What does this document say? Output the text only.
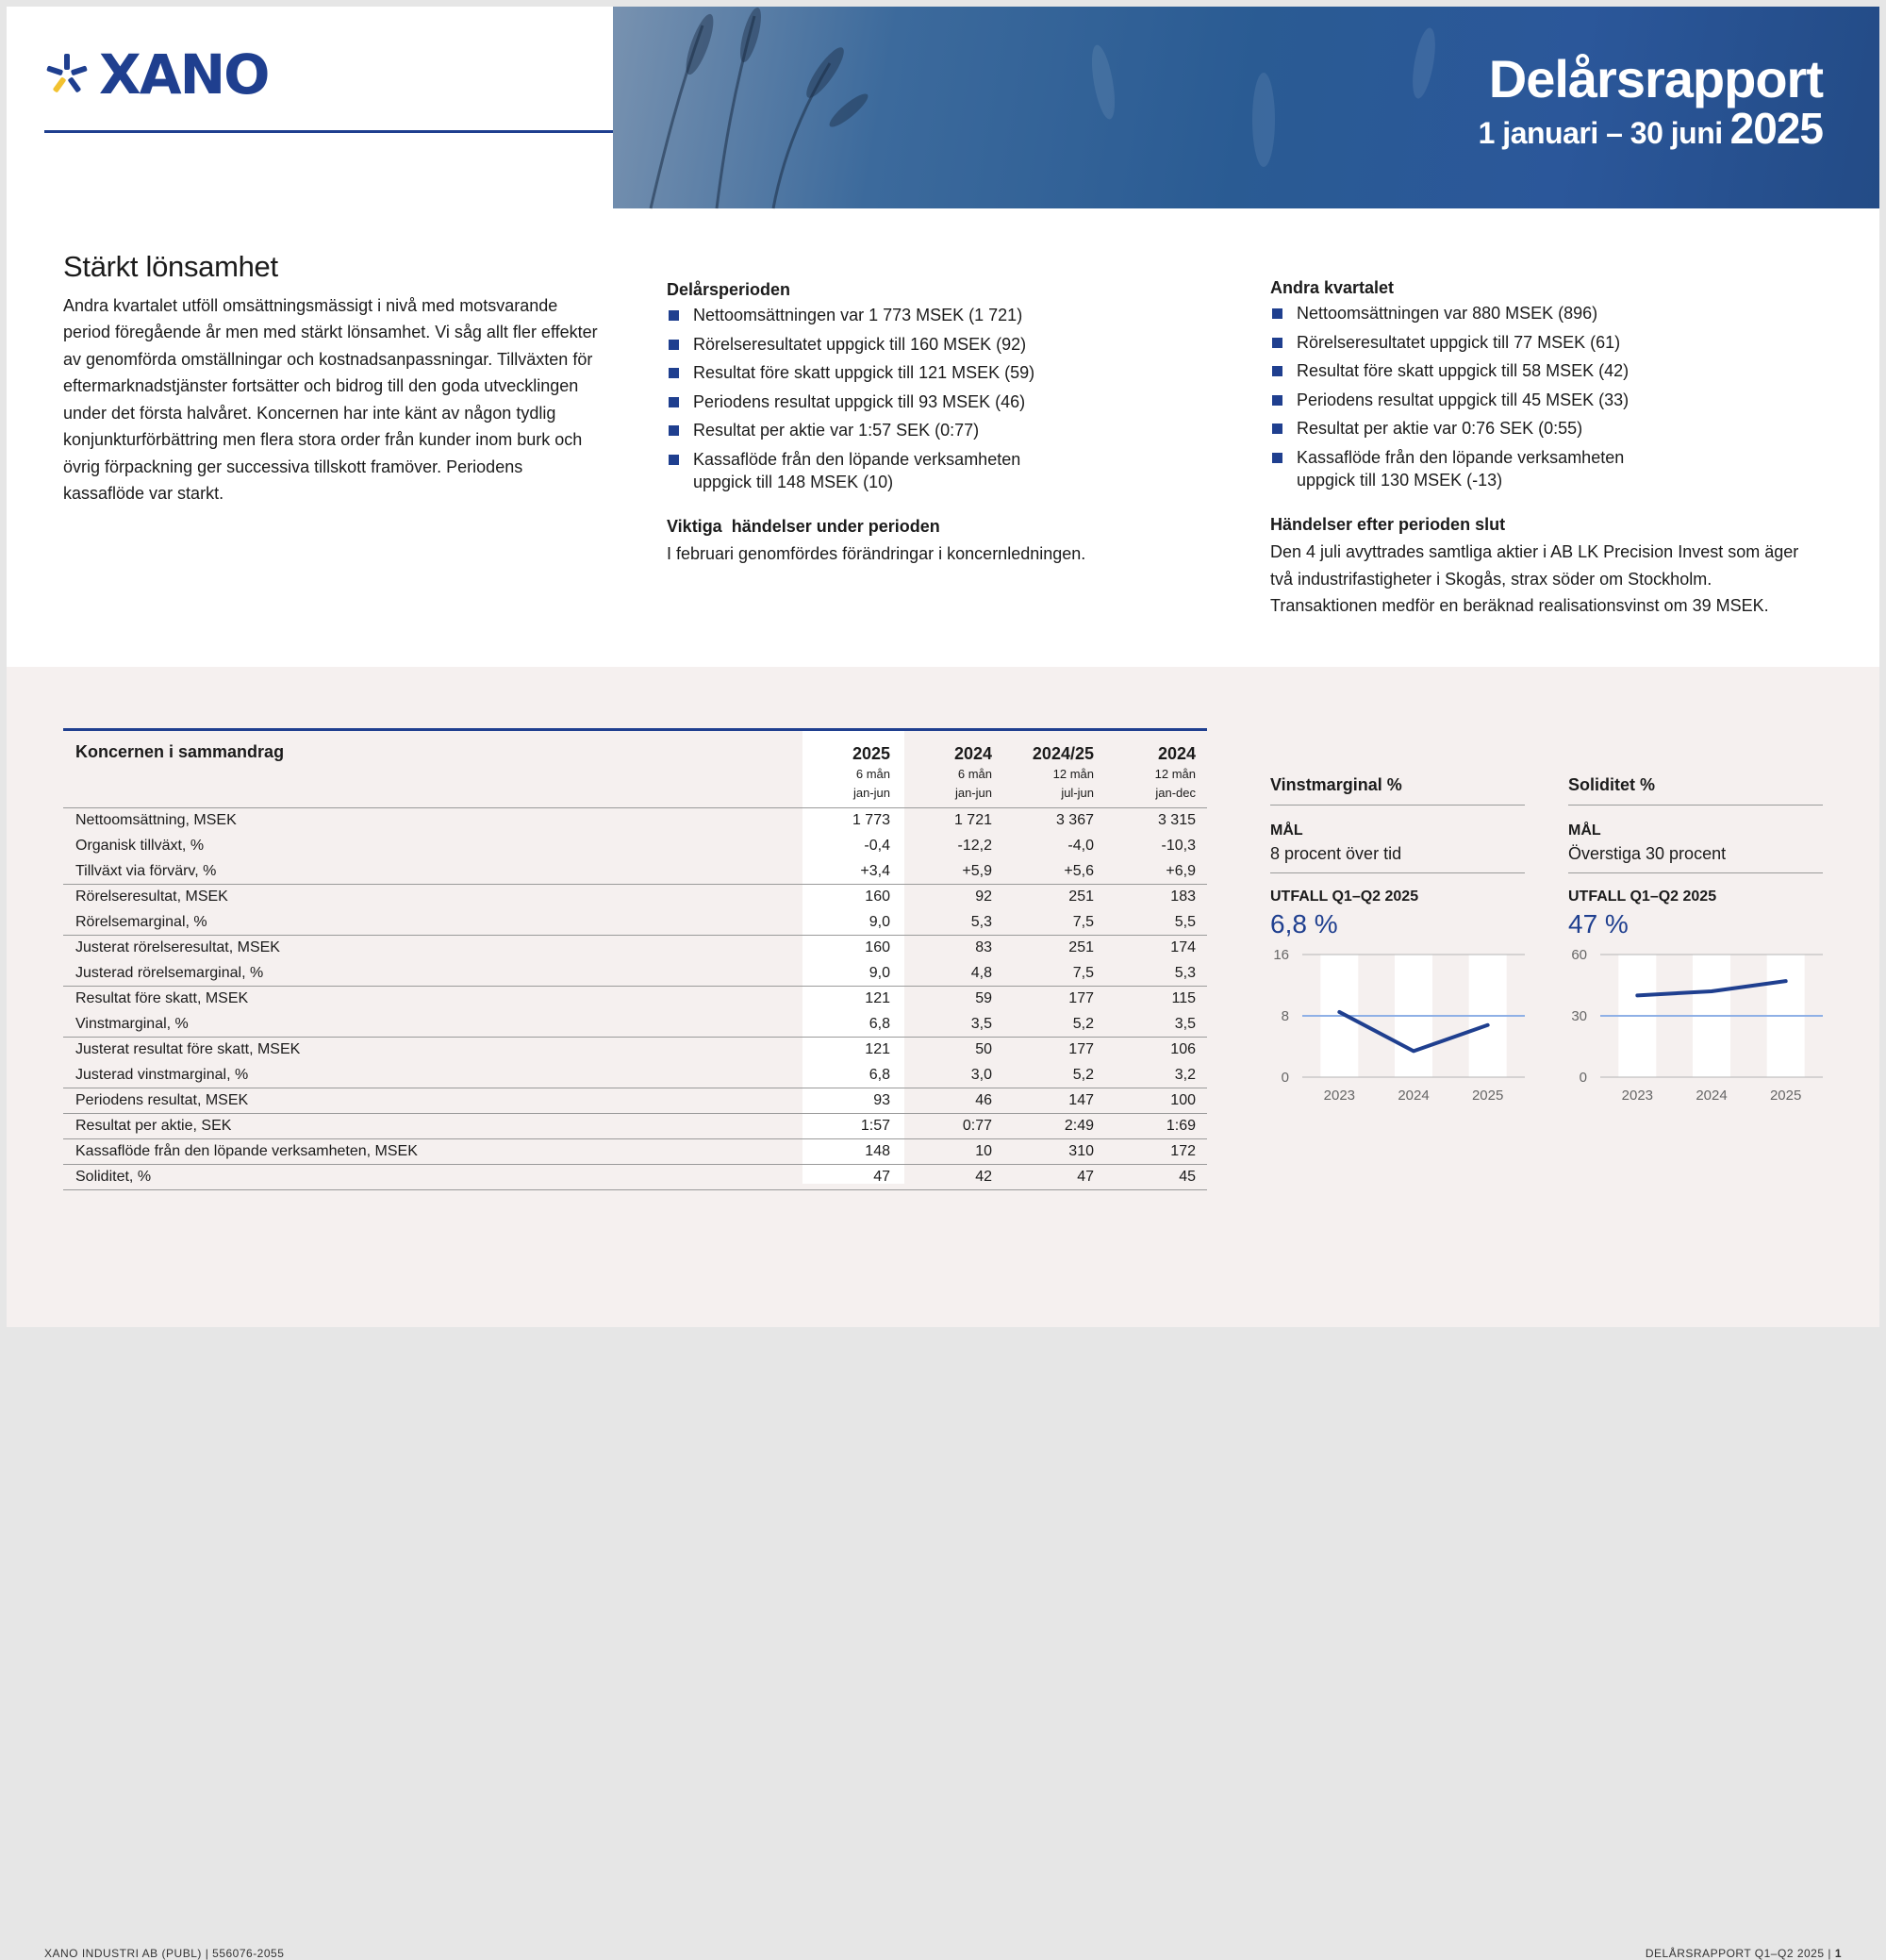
XANO	Delårsrapport
1 januari – 30 juni 2025
Stärkt lönsamhet

Andra kvartalet utföll omsättningsmässigt i nivå med motsvarande period föregående år men med stärkt lönsamhet. Vi såg allt fler effekter av genomförda omställningar och kostnadsanpassningar. Tillväxten för eftermarknadstjänster fortsätter och bidrog till den goda utvecklingen under det första halvåret. Koncernen har inte känt av någon tydlig konjunkturförbättring men flera stora order från kunder inom burk och övrig förpackning ger successiva tillskott framöver. Periodens kassaflöde var starkt.

Delårsperioden
Nettoomsättningen var 1 773 MSEK (1 721)
Rörelseresultatet uppgick till 160 MSEK (92)
Resultat före skatt uppgick till 121 MSEK (59)
Periodens resultat uppgick till 93 MSEK (46)
Resultat per aktie var 1:57 SEK (0:77)
Kassaflöde från den löpande verksamheten uppgick till 148 MSEK (10)
Viktiga  händelser under perioden

I februari genomfördes förändringar i koncernledningen.

Andra kvartalet
Nettoomsättningen var 880 MSEK (896)
Rörelseresultatet uppgick till 77 MSEK (61)
Resultat före skatt uppgick till 58 MSEK (42)
Periodens resultat uppgick till 45 MSEK (33)
Resultat per aktie var 0:76 SEK (0:55)
Kassaflöde från den löpande verksamheten uppgick till 130 MSEK (-13)
Händelser efter perioden slut

Den 4 juli avyttrades samtliga aktier i AB LK Precision Invest som äger två industrifastigheter i Skogås, strax söder om Stockholm. Transaktionen medför en beräknad realisationsvinst om 39 MSEK.

Koncernen i sammandrag	2025
6 mån
jan-jun	2024
6 mån
jan-jun	2024/25
12 mån
jul-jun	2024
12 mån
jan-dec

Nettoomsättning, MSEK	1 773	1 721	3 367	3 315
Organisk tillväxt, %	-0,4	-12,2	-4,0	-10,3
Tillväxt via förvärv, %	+3,4	+5,9	+5,6	+6,9
Rörelseresultat, MSEK	160	92	251	183
Rörelsemarginal, %	9,0	5,3	7,5	5,5
Justerat rörelseresultat, MSEK	160	83	251	174
Justerad rörelsemarginal, %	9,0	4,8	7,5	5,3
Resultat före skatt, MSEK	121	59	177	115
Vinstmarginal, %	6,8	3,5	5,2	3,5
Justerat resultat före skatt, MSEK	121	50	177	106
Justerad vinstmarginal, %	6,8	3,0	5,2	3,2
Periodens resultat, MSEK	93	46	147	100
Resultat per aktie, SEK	1:57	0:77	2:49	1:69
Kassaflöde från den löpande verksamheten, MSEK	148	10	310	172
Soliditet, %	47	42	47	45
Vinstmarginal %
MÅL
8 procent över tid
UTFALL Q1–Q2 2025
6,8 %
0
8
16
2023	2024	2025
Soliditet %
MÅL
Överstiga 30 procent
UTFALL Q1–Q2 2025
47 %
0
30
60
2023	2024	2025
XANO INDUSTRI AB (PUBL) | 556076-2055	DELÅRSRAPPORT Q1–Q2 2025 | 1
